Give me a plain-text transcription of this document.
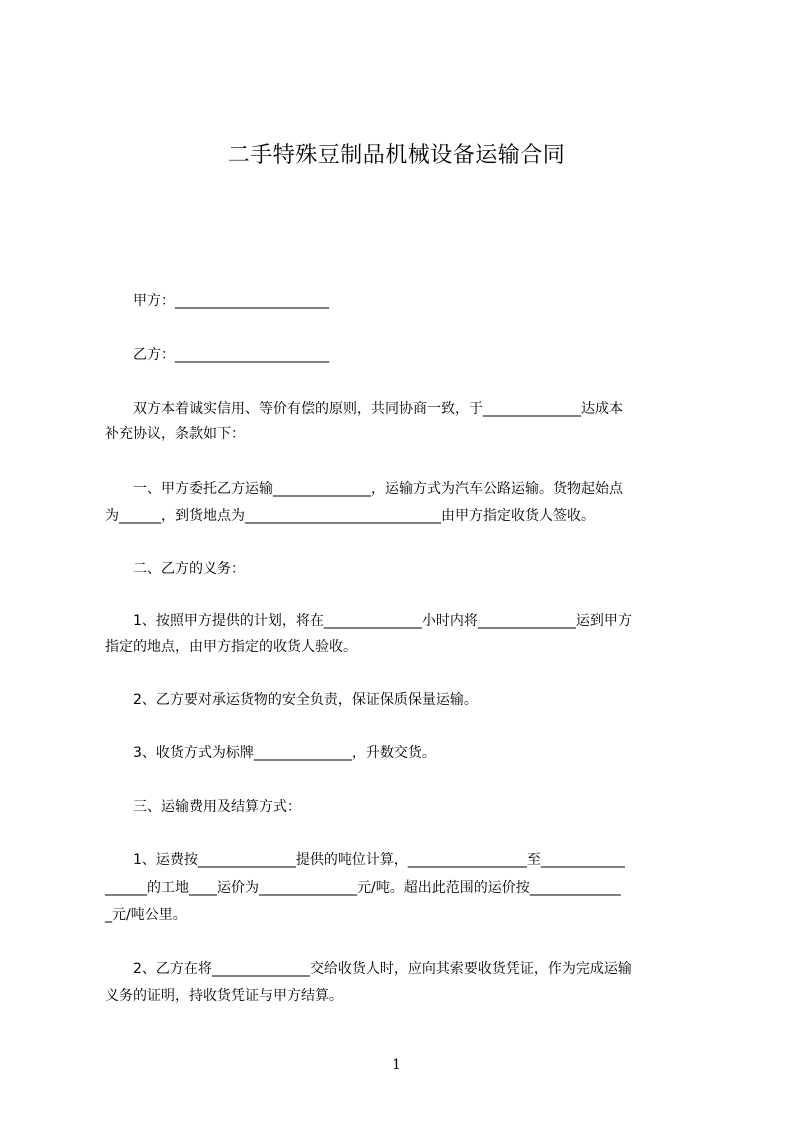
二手特殊豆制品机械设备运输合同

　　甲方：______________________

　　乙方：______________________

　　双方本着诚实信用、等价有偿的原则，共同协商一致，于______________达成本

补充协议，条款如下：

　　一、甲方委托乙方运输______________，运输方式为汽车公路运输。货物起始点

为______，到货地点为____________________________由甲方指定收货人签收。

　　二、乙方的义务：

　　1、按照甲方提供的计划，将在______________小时内将______________运到甲方

指定的地点，由甲方指定的收货人验收。

　　2、乙方要对承运货物的安全负责，保证保质保量运输。

　　3、收货方式为标牌______________，升数交货。

　　三、运输费用及结算方式：

　　1、运费按______________提供的吨位计算，_________________至____________

______的工地____运价为______________元/吨。超出此范围的运价按_____________

_元/吨公里。

　　2、乙方在将______________交给收货人时，应向其索要收货凭证，作为完成运输

义务的证明，持收货凭证与甲方结算。

1
